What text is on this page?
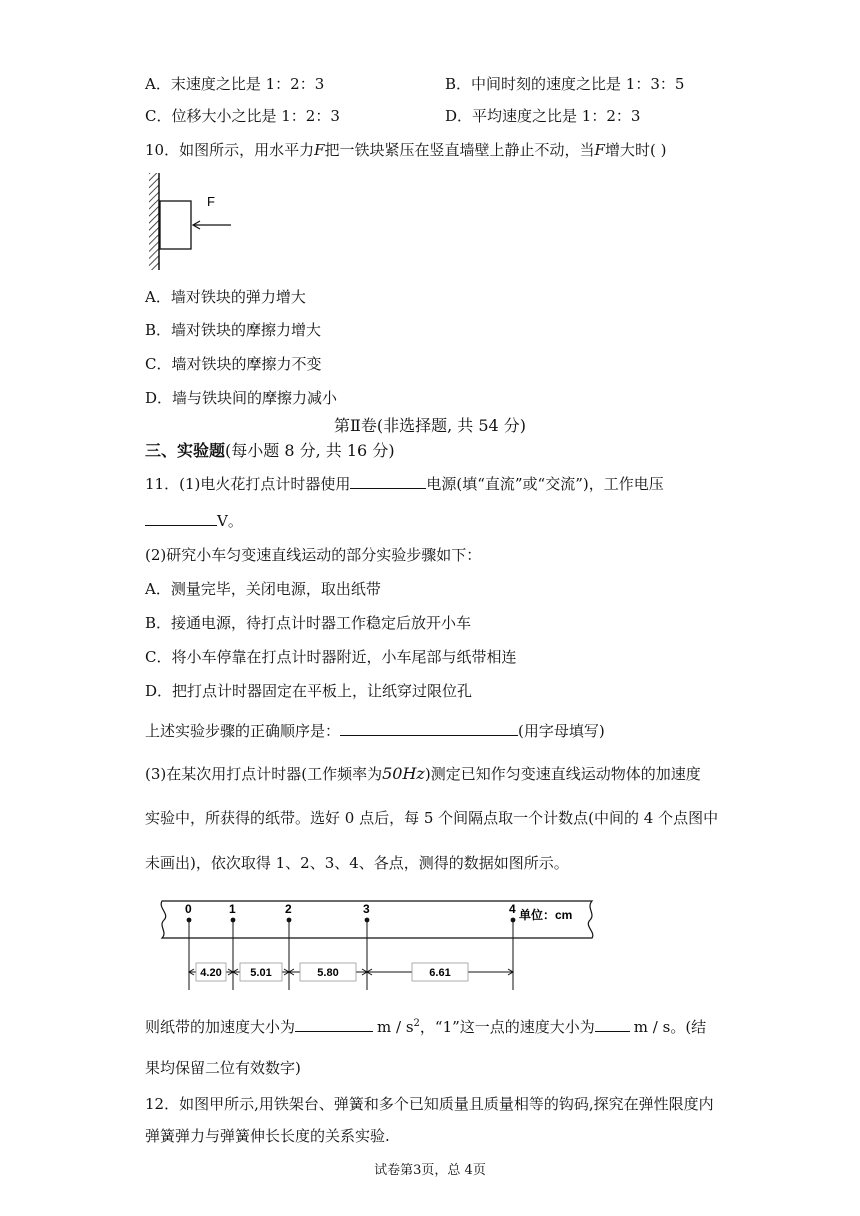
A．末速度之比是 1：2：3	B．中间时刻的速度之比是 1：3：5
C．位移大小之比是 1：2：3	D．平均速度之比是 1：2：3
10．如图所示，用水平力F把一铁块紧压在竖直墙壁上静止不动，当F增大时( )
F
A．墙对铁块的弹力增大
B．墙对铁块的摩擦力增大
C．墙对铁块的摩擦力不变
D．墙与铁块间的摩擦力减小
第Ⅱ卷(非选择题, 共 54 分)
三、实验题(每小题 8 分, 共 16 分)
11．(1)电火花打点计时器使用	电源(填“直流”或“交流”)，工作电压
V。
(2)研究小车匀变速直线运动的部分实验步骤如下：
A．测量完毕，关闭电源，取出纸带
B．接通电源，待打点计时器工作稳定后放开小车
C．将小车停靠在打点计时器附近，小车尾部与纸带相连
D．把打点计时器固定在平板上，让纸穿过限位孔
上述实验步骤的正确顺序是：	(用字母填写)
(3)在某次用打点计时器(工作频率为50Hz)测定已知作匀变速直线运动物体的加速度
实验中，所获得的纸带。选好 0 点后，每 5 个间隔点取一个计数点(中间的 4 个点图中
未画出)，依次取得 1、2、3、4、各点，测得的数据如图所示。
0	1	2	3	4
4.20	5.01	5.80	6.61
单位：cm
则纸带的加速度大小为	m / $s^2$，“1”这一点的速度大小为	m / s。(结
果均保留二位有效数字)
12．如图甲所示,用铁架台、弹簧和多个已知质量且质量相等的钩码,探究在弹性限度内
弹簧弹力与弹簧伸长长度的关系实验.
试卷第3页，总 4页
